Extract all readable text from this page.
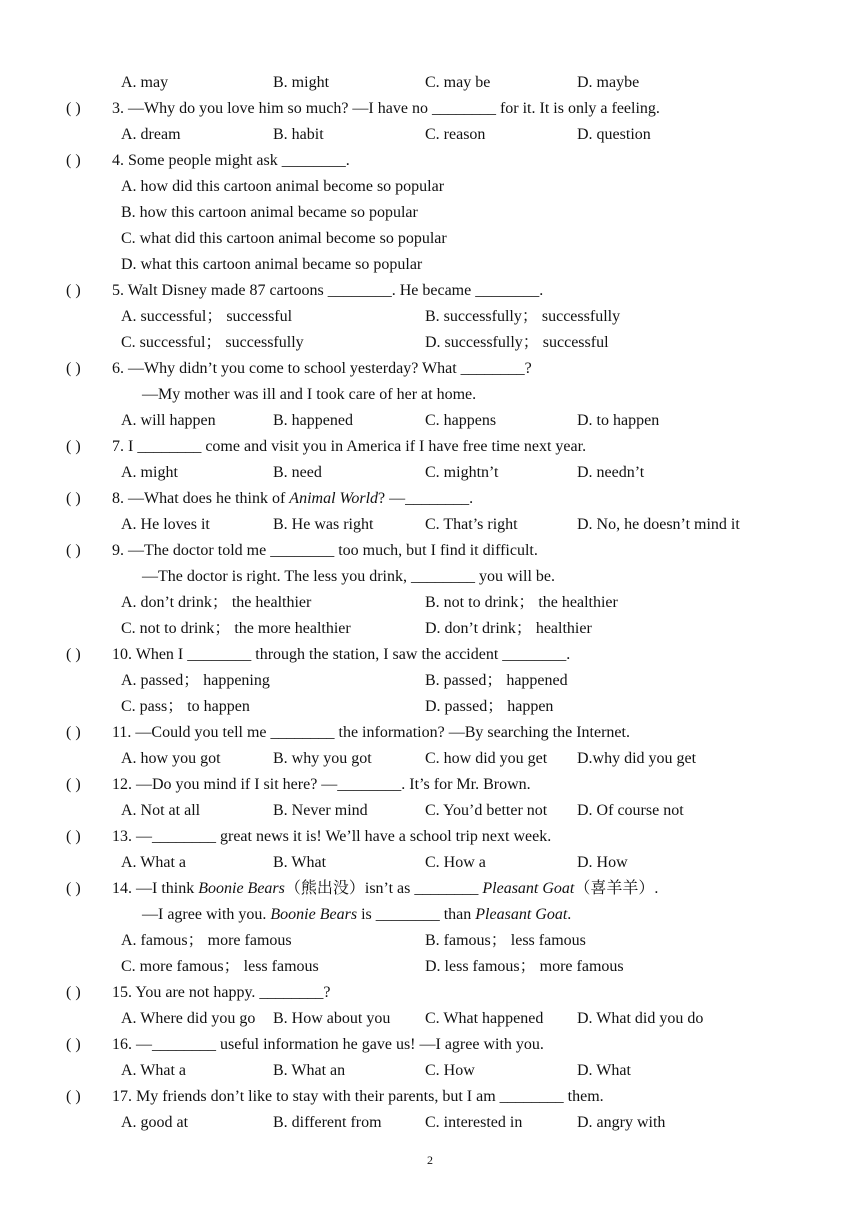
A. may	B. might	C. may be	D. maybe
( ) 3. —Why do you love him so much? —I have no ________ for it. It is only a feeling.
A. dream	B. habit	C. reason	D. question
( ) 4. Some people might ask ________.
A. how did this cartoon animal become so popular
B. how this cartoon animal became so popular
C. what did this cartoon animal become so popular
D. what this cartoon animal became so popular
( ) 5. Walt Disney made 87 cartoons ________. He became ________.
A. successful； successful	B. successfully； successfully
C. successful； successfully	D. successfully； successful
( ) 6. —Why didn’t you come to school yesterday? What ________?
—My mother was ill and I took care of her at home.
A. will happen	B. happened	C. happens	D. to happen
( ) 7. I ________ come and visit you in America if I have free time next year.
A. might	B. need	C. mightn’t	D. needn’t
( ) 8. —What does he think of Animal World? —________.
A. He loves it	B. He was right	C. That’s right	D. No, he doesn’t mind it
( ) 9. —The doctor told me ________ too much, but I find it difficult.
—The doctor is right. The less you drink, ________ you will be.
A. don’t drink； the healthier	B. not to drink； the healthier
C. not to drink； the more healthier	D. don’t drink； healthier
( ) 10. When I ________ through the station, I saw the accident ________.
A. passed； happening	B. passed； happened
C. pass； to happen	D. passed； happen
( ) 11. —Could you tell me ________ the information? —By searching the Internet.
A. how you got	B. why you got	C. how did you get D.why did you get
( ) 12. —Do you mind if I sit here? —________. It’s for Mr. Brown.
A. Not at all	B. Never mind	C. You’d better not D. Of course not
( ) 13. —________ great news it is! We’ll have a school trip next week.
A. What a	B. What	C. How a	D. How
( ) 14. —I think Boonie Bears（熊出没）isn’t as ________ Pleasant Goat（喜羊羊）.
—I agree with you. Boonie Bears is ________ than Pleasant Goat.
A. famous； more famous	B. famous； less famous
C. more famous； less famous	D. less famous； more famous
( ) 15. You are not happy. ________?
A. Where did you go B. How about you C. What happened D. What did you do
( ) 16. —________ useful information he gave us! —I agree with you.
A. What a	B. What an	C. How	D. What
( ) 17. My friends don’t like to stay with their parents, but I am ________ them.
A. good at	B. different from	C. interested in	D. angry with
2
